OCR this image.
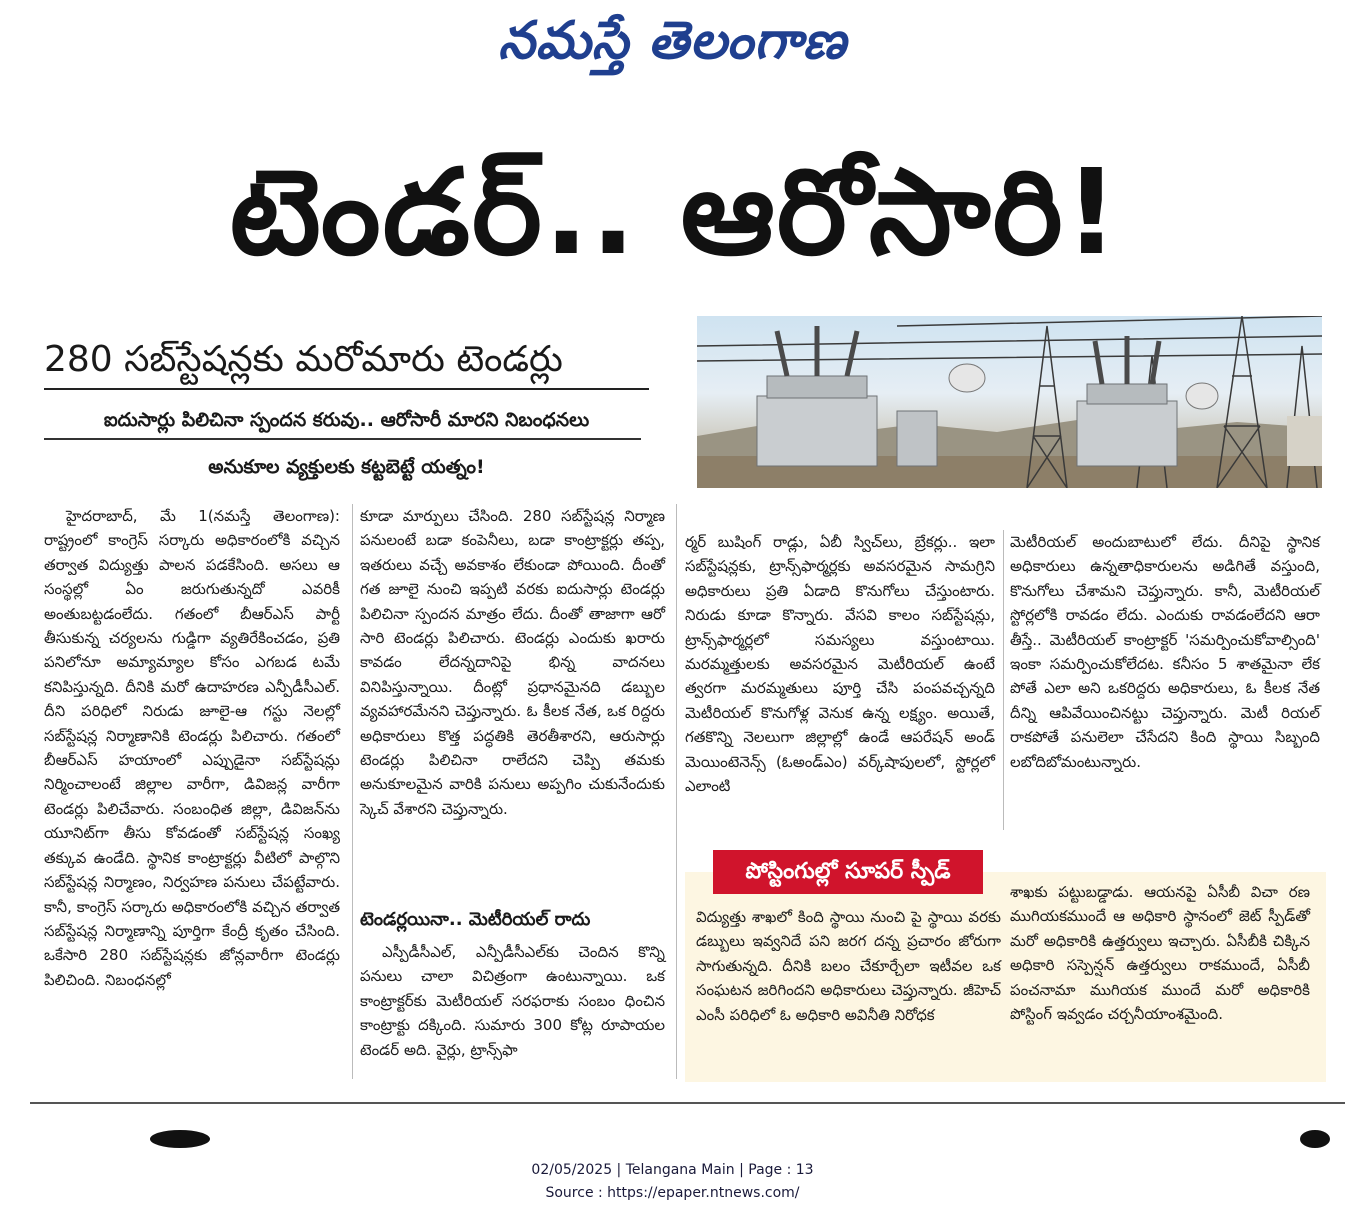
నమస్తే తెలంగాణ
టెండర్.. ఆరోసారి!
280 సబ్‌స్టేషన్లకు మరోమారు టెండర్లు
ఐదుసార్లు పిలిచినా స్పందన కరువు.. ఆరోసారీ మారని నిబంధనలు
అనుకూల వ్యక్తులకు కట్టబెట్టే యత్నం!

హైదరాబాద్, మే 1(నమస్తే తెలంగాణ): రాష్ట్రంలో కాంగ్రెస్ సర్కారు అధికారంలోకి వచ్చిన తర్వాత విద్యుత్తు పాలన పడకేసింది. అసలు ఆ సంస్థల్లో ఏం జరుగుతున్నదో ఎవరికీ అంతుబట్టడంలేదు. గతంలో బీఆర్ఎస్ పార్టీ తీసుకున్న చర్యలను గుడ్డిగా వ్యతిరేకించడం, ప్రతి పనిలోనూ అమ్యామ్యాల కోసం ఎగబడ టమే కనిపిస్తున్నది. దీనికి మరో ఉదాహరణ ఎన్పీడీసీఎల్. దీని పరిధిలో నిరుడు జూలై-ఆ గస్టు నెలల్లో సబ్‌స్టేషన్ల నిర్మాణానికి టెండర్లు పిలిచారు. గతంలో బీఆర్ఎస్ హయాంలో ఎప్పుడైనా సబ్‌స్టేషన్లు నిర్మించాలంటే జిల్లాల వారీగా, డివిజన్ల వారీగా టెండర్లు పిలిచేవారు. సంబంధిత జిల్లా, డివిజన్‌ను యూనిట్‌గా తీసు కోవడంతో సబ్‌స్టేషన్ల సంఖ్య తక్కువ ఉండేది. స్థానిక కాంట్రాక్టర్లు వీటిలో పాల్గొని సబ్‌స్టేషన్ల నిర్మాణం, నిర్వహణ పనులు చేపట్టేవారు. కానీ, కాంగ్రెస్ సర్కారు అధికారంలోకి వచ్చిన తర్వాత సబ్‌స్టేషన్ల నిర్మాణాన్ని పూర్తిగా కేంద్రీ కృతం చేసింది. ఒకేసారి 280 సబ్‌స్టేషన్లకు జోన్లవారీగా టెండర్లు పిలిచింది. నిబంధనల్లో

కూడా మార్పులు చేసింది. 280 సబ్‌స్టేషన్ల నిర్మాణ పనులంటే బడా కంపెనీలు, బడా కాంట్రాక్టర్లు తప్ప, ఇతరులు వచ్చే అవకాశం లేకుండా పోయింది. దీంతో గత జూలై నుంచి ఇప్పటి వరకు ఐదుసార్లు టెండర్లు పిలిచినా స్పందన మాత్రం లేదు. దీంతో తాజాగా ఆరో సారి టెండర్లు పిలిచారు. టెండర్లు ఎందుకు ఖరారు కావడం లేదన్నదానిపై భిన్న వాదనలు వినిపిస్తున్నాయి. దీంట్లో ప్రధానమైనది డబ్బుల వ్యవహారమేనని చెప్తున్నారు. ఓ కీలక నేత, ఒక రిద్దరు అధికారులు కొత్త పద్ధతికి తెరతీశారని, ఆరుసార్లు టెండర్లు పిలిచినా రాలేదని చెప్పి తమకు అనుకూలమైన వారికి పనులు అప్పగిం చుకునేందుకు స్కెచ్ వేశారని చెప్తున్నారు.

టెండర్లయినా.. మెటీరియల్ రాదు

ఎస్పీడీసీఎల్, ఎన్పీడీసీఎల్‌కు చెందిన కొన్ని పనులు చాలా విచిత్రంగా ఉంటున్నాయి. ఒక కాంట్రాక్టర్‌కు మెటీరియల్ సరఫరాకు సంబం ధించిన కాంట్రాక్టు దక్కింది. సుమారు 300 కోట్ల రూపాయల టెండర్ అది. వైర్లు, ట్రాన్స్‌ఫా

ర్మర్ బుషింగ్ రాడ్లు, ఏబీ స్విచ్‌లు, బ్రేకర్లు.. ఇలా సబ్‌స్టేషన్లకు, ట్రాన్స్‌ఫార్మర్లకు అవసరమైన సామగ్రిని అధికారులు ప్రతి ఏడాది కొనుగోలు చేస్తుంటారు. నిరుడు కూడా కొన్నారు. వేసవి కాలం సబ్‌స్టేషన్లు, ట్రాన్స్‌ఫార్మర్లలో సమస్యలు వస్తుంటాయి. మరమ్మత్తులకు అవసరమైన మెటీరియల్ ఉంటే త్వరగా మరమ్మతులు పూర్తి చేసి పంపవచ్చన్నది మెటీరియల్ కొనుగోళ్ల వెనుక ఉన్న లక్ష్యం. అయితే, గతకొన్ని నెలలుగా జిల్లాల్లో ఉండే ఆపరేషన్ అండ్ మెయింటెనెన్స్ (ఓఅండ్ఎం) వర్క్‌షాపులలో, స్టోర్లలో ఎలాంటి

మెటీరియల్ అందుబాటులో లేదు. దీనిపై స్థానిక అధికారులు ఉన్నతాధికారులను అడిగితే వస్తుంది, కొనుగోలు చేశామని చెప్తున్నారు. కానీ, మెటీరియల్ స్టోర్లలోకి రావడం లేదు. ఎందుకు రావడంలేదని ఆరా తీస్తే.. మెటీరియల్ కాంట్రాక్టర్ 'సమర్పించుకోవాల్సింది' ఇంకా సమర్పించుకోలేదట. కనీసం 5 శాతమైనా లేక పోతే ఎలా అని ఒకరిద్దరు అధికారులు, ఓ కీలక నేత దీన్ని ఆపివేయించినట్టు చెప్తున్నారు. మెటీ రియల్ రాకపోతే పనులెలా చేసేదని కింది స్థాయి సిబ్బంది లబోదిబోమంటున్నారు.

పోస్టింగుల్లో సూపర్ స్పీడ్

విద్యుత్తు శాఖలో కింది స్థాయి నుంచి పై స్థాయి వరకు డబ్బులు ఇవ్వనిదే పని జరగ దన్న ప్రచారం జోరుగా సాగుతున్నది. దీనికి బలం చేకూర్చేలా ఇటీవల ఒక సంఘటన జరిగిందని అధికారులు చెప్తున్నారు. జీహెచ్ ఎంసీ పరిధిలో ఓ అధికారి అవినీతి నిరోధక

శాఖకు పట్టుబడ్డాడు. ఆయనపై ఏసీబీ విచా రణ ముగియకముందే ఆ అధికారి స్థానంలో జెట్ స్పీడ్‌తో మరో అధికారికి ఉత్తర్వులు ఇచ్చారు. ఏసీబీకి చిక్కిన అధికారి సస్పెన్షన్ ఉత్తర్వులు రాకముందే, ఏసీబీ పంచనామా ముగియక ముందే మరో అధికారికి పోస్టింగ్ ఇవ్వడం చర్చనీయాంశమైంది.

02/05/2025 | Telangana Main | Page : 13
Source : https://epaper.ntnews.com/
